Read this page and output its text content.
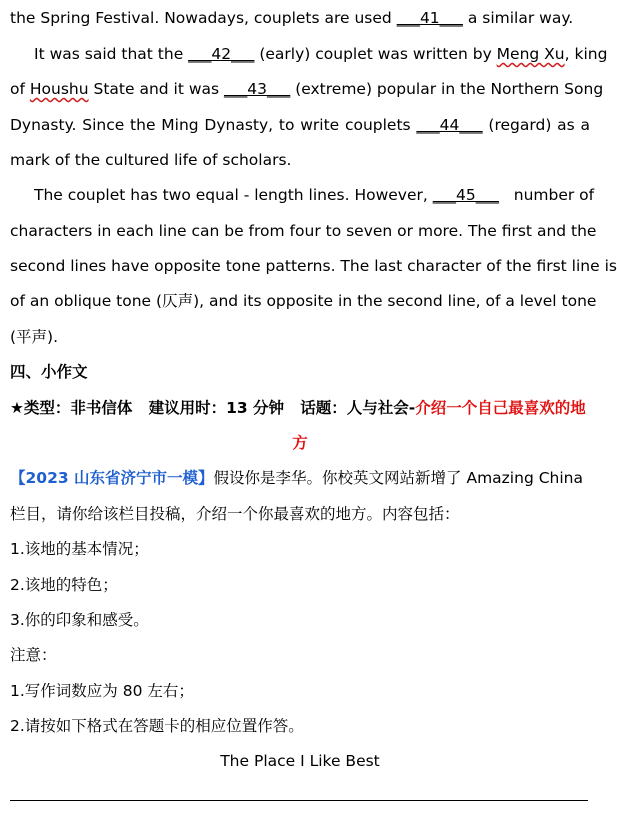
the Spring Festival. Nowadays, couplets are used ___41___ a similar way.
It was said that the ___42___ (early) couplet was written by Meng Xu, king
of Houshu State and it was ___43___ (extreme) popular in the Northern Song
Dynasty. Since the Ming Dynasty, to write couplets ___44___ (regard) as a
mark of the cultured life of scholars.
The couplet has two equal - length lines. However, ___45___   number of
characters in each line can be from four to seven or more. The first and the
second lines have opposite tone patterns. The last character of the first line is
of an oblique tone (仄声), and its opposite in the second line, of a level tone
(平声).
四、小作文
★类型：非书信体   建议用时：13 分钟   话题：人与社会-介绍一个自己最喜欢的地
方
【2023 山东省济宁市一模】假设你是李华。你校英文网站新增了 Amazing China
栏目，请你给该栏目投稿，介绍一个你最喜欢的地方。内容包括：
1.该地的基本情况；
2.该地的特色；
3.你的印象和感受。
注意：
1.写作词数应为 80 左右；
2.请按如下格式在答题卡的相应位置作答。
The Place I Like Best
